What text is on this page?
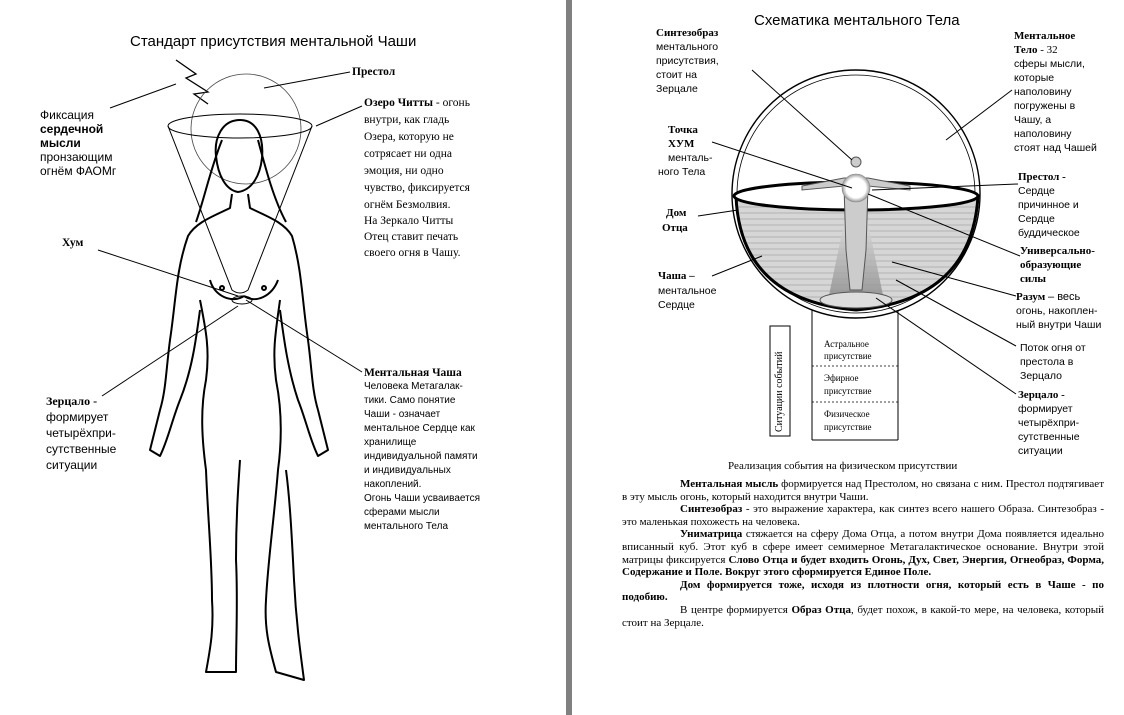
Стандарт присутствия ментальной Чаши
Престол
Фиксация
сердечной
мысли
пронзающим
огнём ФАОМг
Озеро Читты - огонь
внутри, как гладь
Озера, которую не
сотрясает ни одна
эмоция, ни одно
чувство, фиксируется
огнём Безмолвия.
На Зеркало Читты
Отец ставит печать
своего огня в Чашу.
Хум
Зерцало -
формирует
четырёхпри-
сутственные
ситуации
Ментальная Чаша
Человека Метагалак-
тики. Само понятие
Чаши - означает
ментальное Сердце как
хранилище
индивидуальной памяти
и индивидуальных
накоплений.
Огонь Чаши усваивается
сферами мысли
ментального Тела
Схематика ментального Тела
Синтезобраз
ментального
присутствия,
стоит на
Зерцале
Точка
ХУМ
менталь-
ного Тела
Дом
Отца
Чаша –
ментальное
Сердце
Ментальное
Тело - 32
сферы мысли,
которые
наполовину
погружены в
Чашу, а
наполовину
стоят над Чашей
Престол -
Сердце
причинное и
Сердце
буддическое
Универсально-
образующие
силы
Разум – весь
огонь, накоплен-
ный внутри Чаши
Поток огня от
престола в
Зерцало
Зерцало -
формирует
четырёхпри-
сутственные
ситуации
Ситуации событий
Астральное
присутствие
Эфирное
присутствие
Физическое
присутствие
Реализация события на физическом присутствии

Ментальная мысль формируется над Престолом, но связана с ним. Престол подтягивает в эту мысль огонь, который находится внутри Чаши.

Синтезобраз - это выражение характера, как синтез всего нашего Образа. Синтезобраз - это маленькая похожесть на человека.

Униматрица стяжается на сферу Дома Отца, а потом внутри Дома появляется идеально вписанный куб. Этот куб в сфере имеет семимерное Метагалактическое основание. Внутри этой матрицы фиксируется Слово Отца и будет входить Огонь, Дух, Свет, Энергия, Огнеобраз, Форма, Содержание и Поле. Вокруг этого сформируется Единое Поле.

Дом формируется тоже, исходя из плотности огня, который есть в Чаше - по подобию.

В центре формируется Образ Отца, будет похож, в какой-то мере, на человека, который стоит на Зерцале.
